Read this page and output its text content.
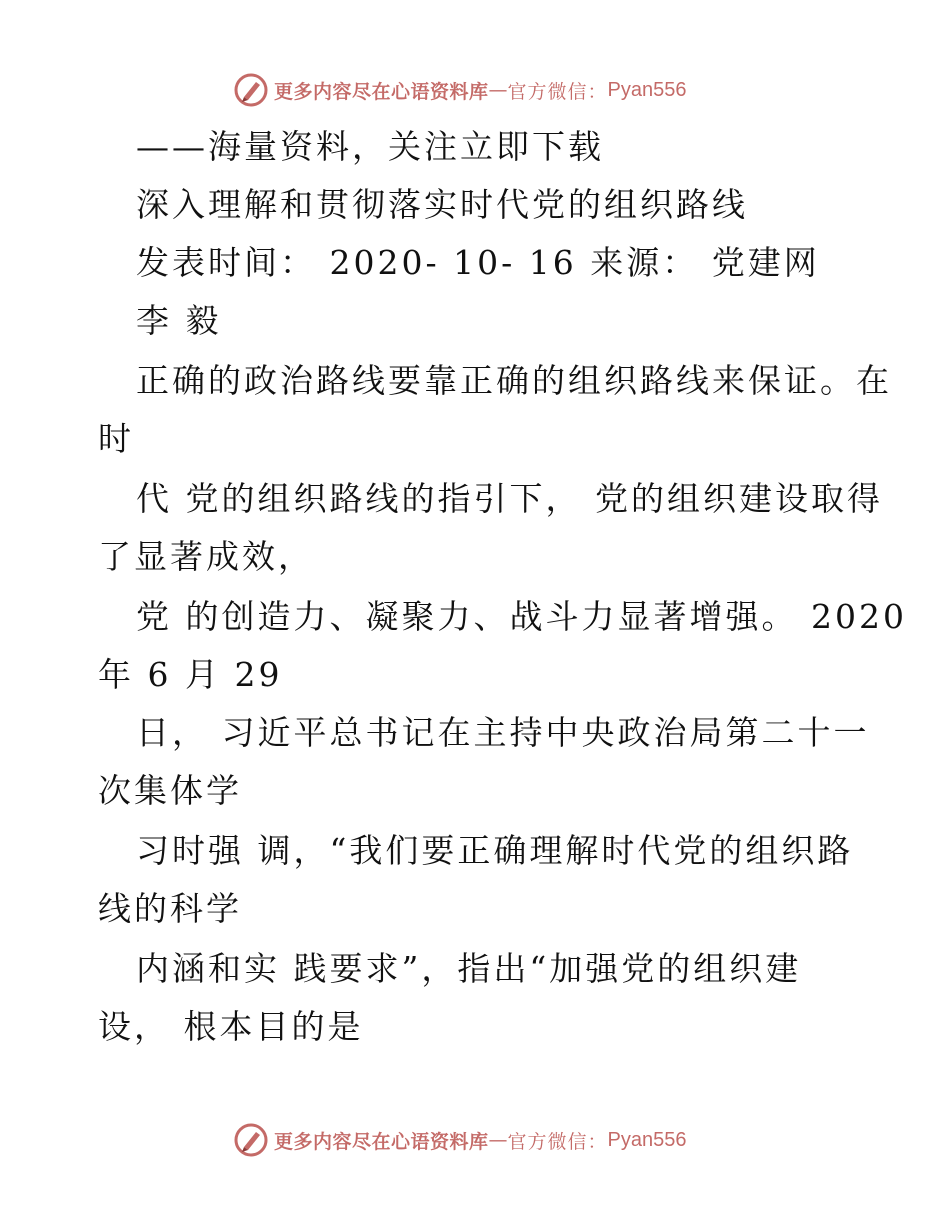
更多内容尽在心语资料库 — 官方微信： Pyan556
——海量资料，关注立即下载
深入理解和贯彻落实时代党的组织路线
发表时间： 2020- 10- 16 来源： 党建网
李 毅
正确的政治路线要靠正确的组织路线来保证。在
时
代 党的组织路线的指引下， 党的组织建设取得
了显著成效，
党 的创造力、凝聚力、战斗力显著增强。 2020
年 6 月 29
日， 习近平总书记在主持中央政治局第二十一
次集体学
习时强 调，“我们要正确理解时代党的组织路
线的科学
内涵和实 践要求”，指出“加强党的组织建
设， 根本目的是
更多内容尽在心语资料库 — 官方微信： Pyan556
